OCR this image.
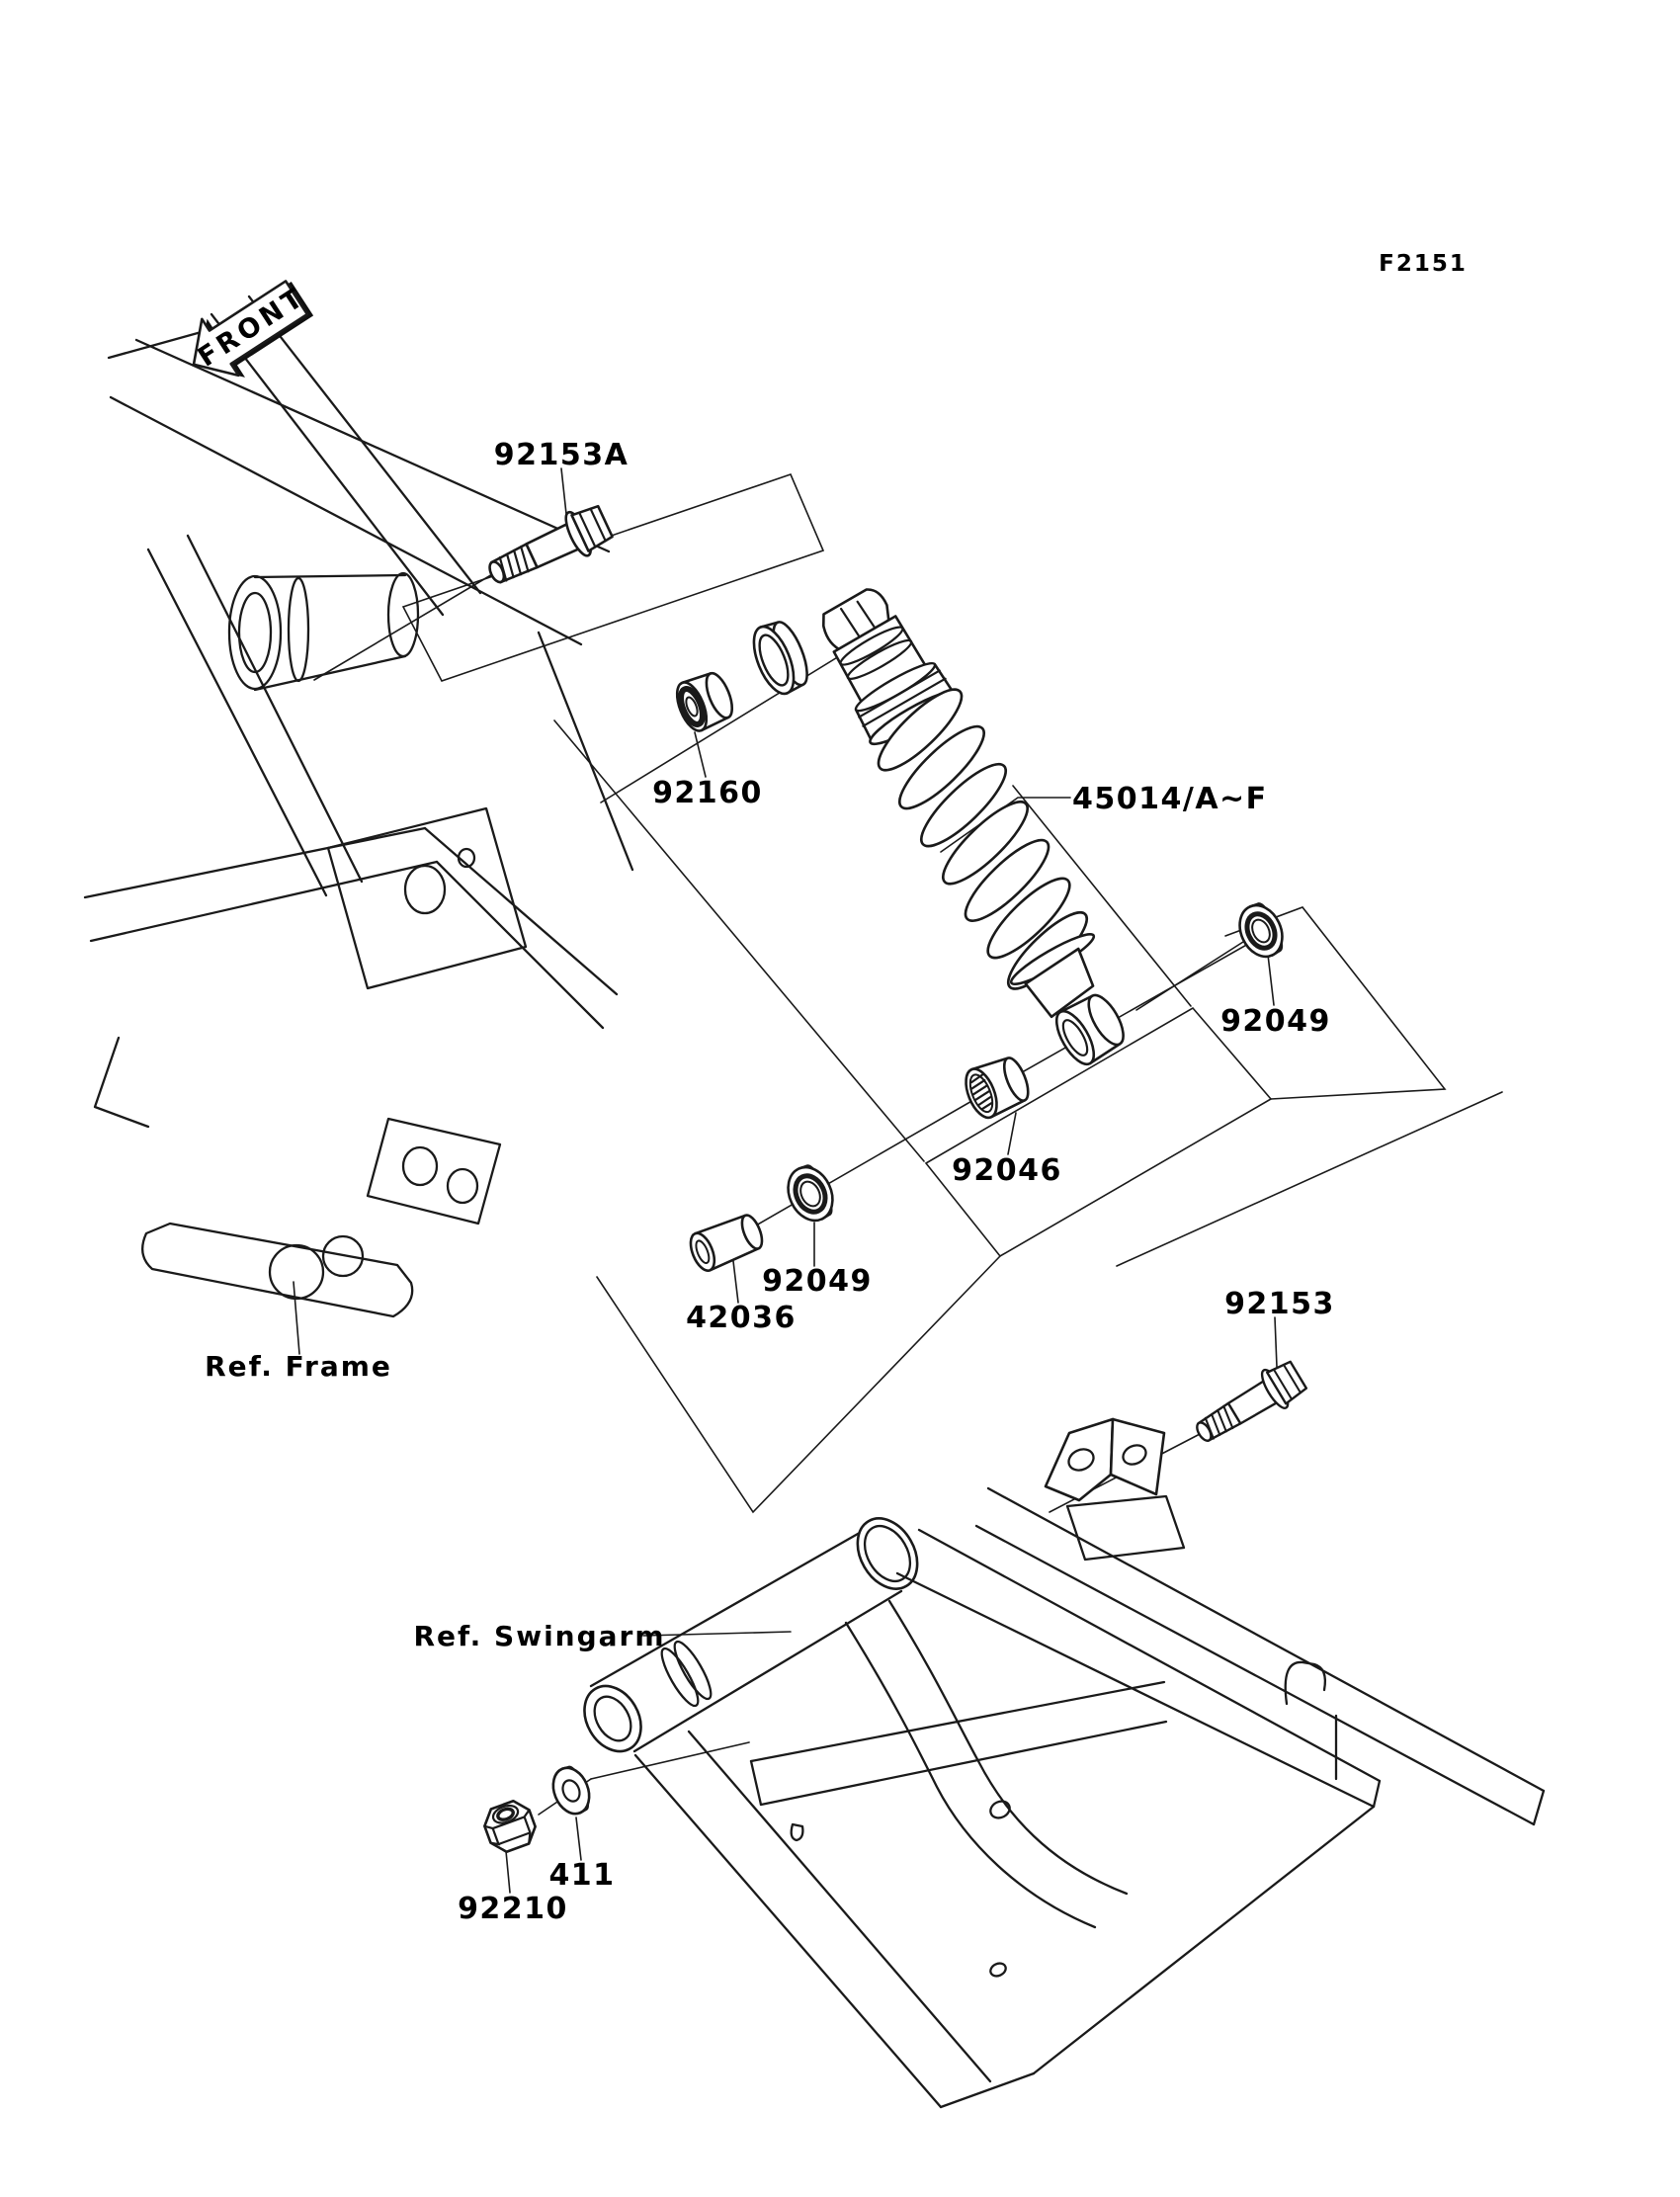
FRONT
F2151
92153A
92160	45014/A~F
92049
92046
92049
42036	92153
Ref. Frame
Ref. Swingarm
411
92210
